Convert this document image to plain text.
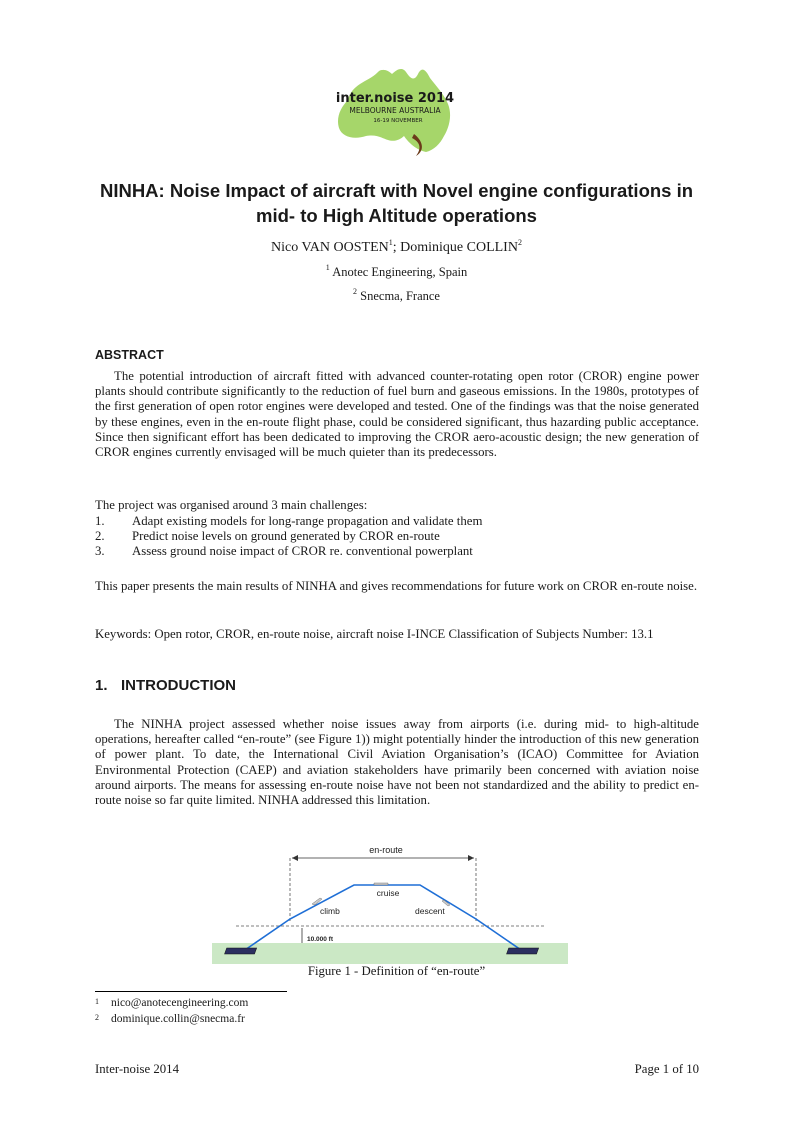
inter.noise 2014
MELBOURNE AUSTRALIA
16-19 NOVEMBER
NINHA: Noise Impact of aircraft with Novel engine configurations in
mid- to High Altitude operations
Nico VAN OOSTEN$^1$; Dominique COLLIN$^2$
$^1$ Anotec Engineering, Spain
$^2$ Snecma, France
ABSTRACT
The potential introduction of aircraft fitted with advanced counter-rotating open rotor (CROR) engine power plants should contribute significantly to the reduction of fuel burn and gaseous emissions. In the 1980s, prototypes of the first generation of open rotor engines were developed and tested. One of the findings was that the noise generated by these engines, even in the en-route flight phase, could be considered significant, thus hazarding public acceptance. Since then significant effort has been dedicated to improving the CROR aero-acoustic design; the new generation of CROR engines currently envisaged will be much quieter than its predecessors.
The project was organised around 3 main challenges:
1.	Adapt existing models for long-range propagation and validate them
2.	Predict noise levels on ground generated by CROR en-route
3.	Assess ground noise impact of CROR re. conventional powerplant
This paper presents the main results of NINHA and gives recommendations for future work on CROR en-route noise.
Keywords: Open rotor, CROR, en-route noise, aircraft noise I-INCE Classification of Subjects Number: 13.1
1. INTRODUCTION
The NINHA project assessed whether noise issues away from airports (i.e. during mid- to high-altitude operations, hereafter called “en-route” (see Figure 1)) might potentially hinder the introduction of this new generation of power plant. To date, the International Civil Aviation Organisation’s (ICAO) Committee for Aviation Environmental Protection (CAEP) and aviation stakeholders have primarily been concerned with aviation noise around airports. The means for assessing en-route noise have not been not standardized and the ability to predict en-route noise so far quite limited. NINHA addressed this limitation.
en-route
cruise
climb	descent
10.000 ft
Figure 1 - Definition of “en-route”
1 nico@anotecengineering.com
2 dominique.collin@snecma.fr
Inter-noise 2014	Page 1 of 10
